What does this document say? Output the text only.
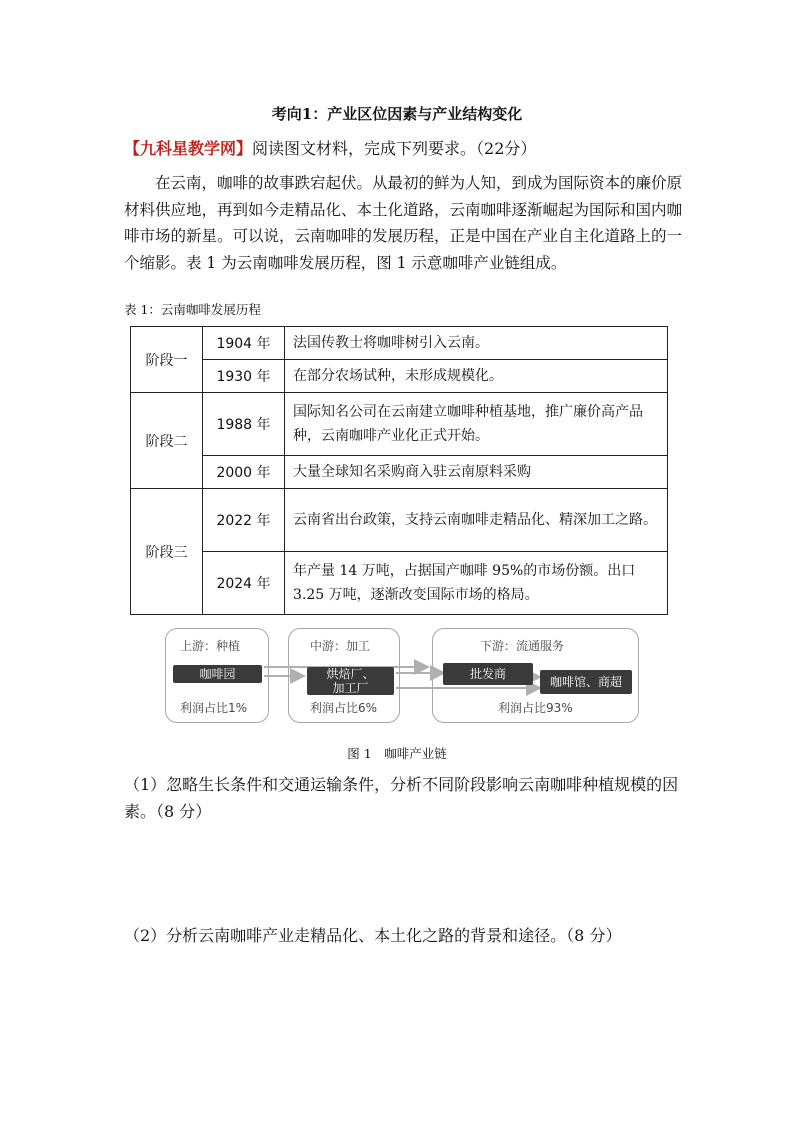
考向1：产业区位因素与产业结构变化
【九科星教学网】阅读图文材料，完成下列要求。（22分）
在云南，咖啡的故事跌宕起伏。从最初的鲜为人知，到成为国际资本的廉价原材料供应地，再到如今走精品化、本土化道路，云南咖啡逐渐崛起为国际和国内咖啡市场的新星。可以说，云南咖啡的发展历程，正是中国在产业自主化道路上的一个缩影。表 1 为云南咖啡发展历程，图 1 示意咖啡产业链组成。
表 1：云南咖啡发展历程
阶段一	1904 年	法国传教士将咖啡树引入云南。
	1930 年	在部分农场试种，未形成规模化。
阶段二	1988 年	国际知名公司在云南建立咖啡种植基地，推广廉价高产品种，云南咖啡产业化正式开始。
	2000 年	大量全球知名采购商入驻云南原料采购
阶段三	2022 年	云南省出台政策，支持云南咖啡走精品化、精深加工之路。
	2024 年	年产量 14 万吨，占据国产咖啡 95%的市场份额。出口 3.25 万吨，逐渐改变国际市场的格局。
上游：种植	中游：加工	下游：流通服务
咖啡园	烘焙厂、
加工厂
批发商
咖啡馆、商超
利润占比1%	利润占比6%	利润占比93%
图 1　咖啡产业链
（1）忽略生长条件和交通运输条件，分析不同阶段影响云南咖啡种植规模的因素。（8 分）
（2）分析云南咖啡产业走精品化、本土化之路的背景和途径。（8 分）
